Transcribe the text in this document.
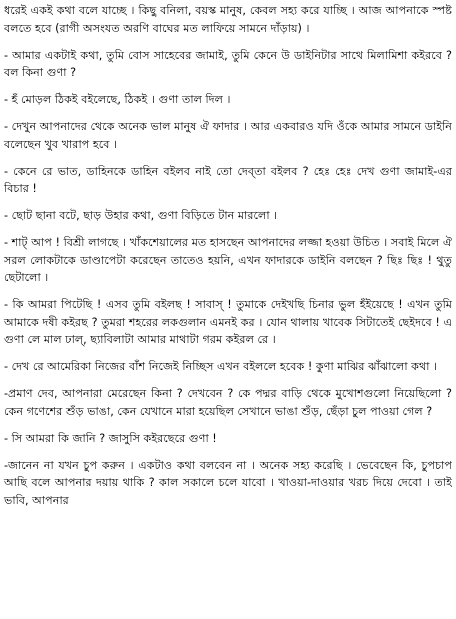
ধরেই একই কথা বলে যাচ্ছে । কিছু বনিলা, বয়স্ক মানুষ, কেবল সহ্য করে যাচ্ছি । আজ আপনাকে স্পষ্ট বলতে হবে (রাগী অসংযত অরণি বাঘের মত লাফিয়ে সামনে দাঁড়ায়) ।

- আমার একটাই কথা, তুমি বোস সাহেবের জামাই, তুমি কেনে উ ডাইনিটার সাথে মিলামিশা কইরবে ? বল কিনা গুণা ?

- হঁ মোড়ল ঠিকই বইলেছে, ঠিকই । গুণা তাল দিল ।

- দেখুন আপনাদের থেকে অনেক ভাল মানুষ ঐ ফাদার । আর একবারও যদি ওঁকে আমার সামনে ডাইনি বলেছেন খুব খারাপ হবে ।

- কেনে রে ভাত, ডাহিনকে ডাহিন বইলব নাই তো দেব্‌তা বইলব ? হেঃ হেঃ দেখ গুণা জামাই-এর বিচার !

- ছোট ছানা বটে, ছাড় উহার কথা, গুণা বিড়িতে টান মারলো ।

- শাট্‌ আপ ! বিশ্রী লাগছে । খাঁকশেয়ালের মত হাসছেন আপনাদের লজ্জা হওয়া উচিত । সবাই মিলে ঐ সরল লোকটাকে ডাণ্ডাপেটা করেছেন তাতেও হয়নি, এখন ফাদারকে ডাইনি বলছেন ? ছিঃ ছিঃ ! থুতু ছেটালো ।

- কি আমরা পিটেছি ! এসব তুমি বইলছ ! সাবাস্‌ ! তুমাকে দেইখছি চিনার ভুল হঁইয়েছে ! এখন তুমি আমাকে দষী কইরছ ? তুমরা শহরের লকগুলান এমনই কর । যোন থালায় খাবেক সিটাতেই ছেইদবে ! এ গুণা লে মাল ঢাল্‌, ছ্যাবিলাটা আমার মাথাটা গরম কইরল রে ।

- দেখ রে আমেরিকা নিজের বাঁশ নিজেই নিচ্ছিস এখন বইললে হবেক ! কুণা মাঝির ঝাঁঝালো কথা ।

-প্রমাণ দেব, আপনারা মেরেছেন কিনা ? দেখবেন ? কে পদ্মর বাড়ি থেকে মুখোশগুলো নিয়েছিলো ? কেন গণেশের শুঁড় ভাঙা, কেন যেখানে মারা হয়েছিল সেখানে ভাঙা শুঁড়, ছেঁড়া চুল পাওয়া গেল ?

- সি আমরা কি জানি ? জাসুসি কইরছেরে গুণা !

-জানেন না যখন চুপ করুন । একটাও কথা বলবেন না । অনেক সহ্য করেছি । ভেবেছেন কি, চুপচাপ আছি বলে আপনার দয়ায় থাকি ? কাল সকালে চলে যাবো । খাওয়া-দাওয়ার খরচ দিয়ে দেবো । তাই ভাবি, আপনার
